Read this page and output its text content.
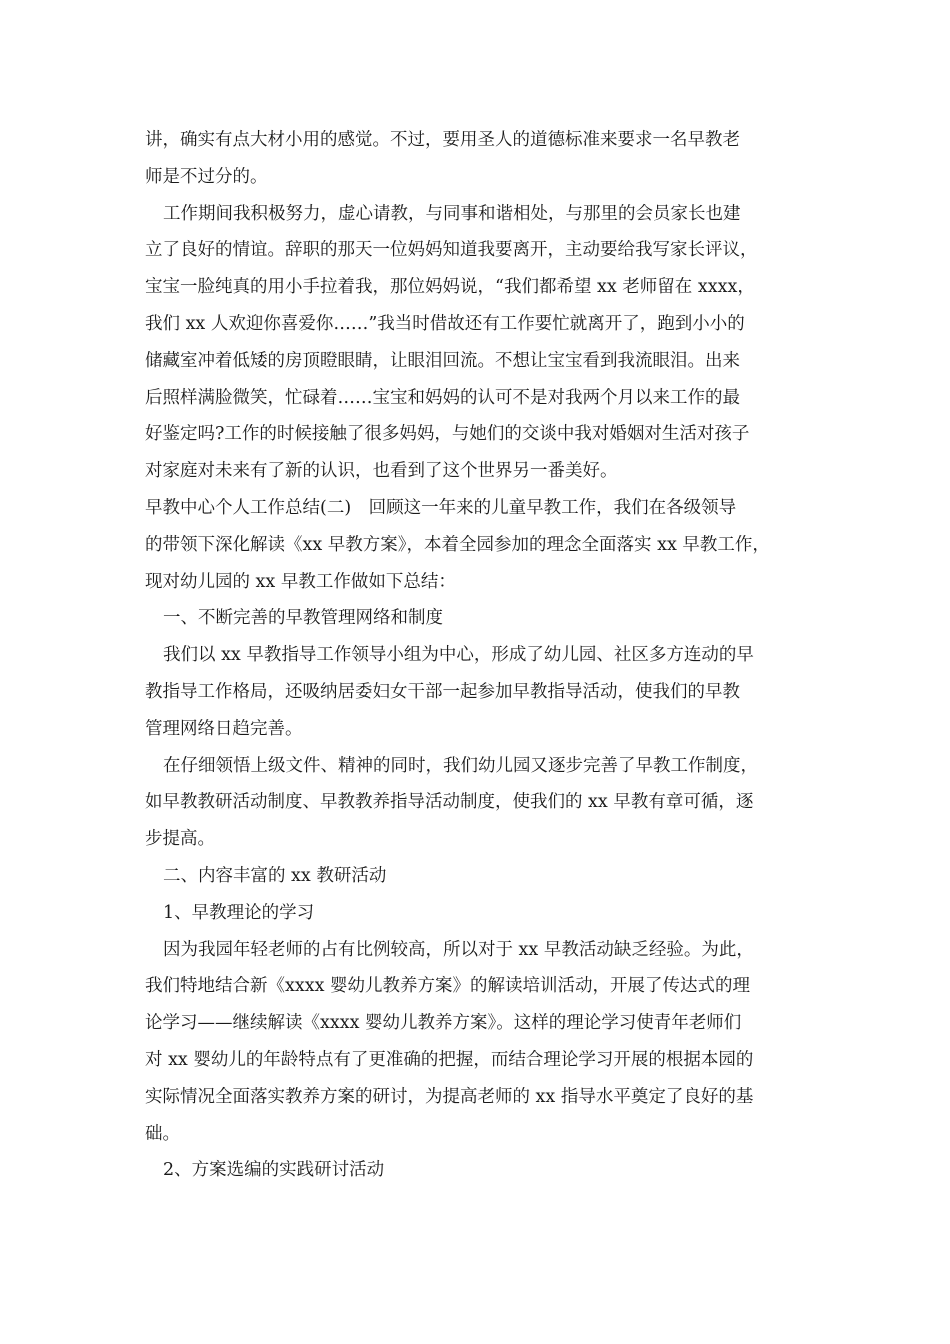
讲，确实有点大材小用的感觉。不过，要用圣人的道德标准来要求一名早教老
师是不过分的。
工作期间我积极努力，虚心请教，与同事和谐相处，与那里的会员家长也建
立了良好的情谊。辞职的那天一位妈妈知道我要离开，主动要给我写家长评议，
宝宝一脸纯真的用小手拉着我，那位妈妈说，“我们都希望 xx 老师留在 xxxx，
我们 xx 人欢迎你喜爱你……”我当时借故还有工作要忙就离开了，跑到小小的
储藏室冲着低矮的房顶瞪眼睛，让眼泪回流。不想让宝宝看到我流眼泪。出来
后照样满脸微笑，忙碌着……宝宝和妈妈的认可不是对我两个月以来工作的最
好鉴定吗?工作的时候接触了很多妈妈，与她们的交谈中我对婚姻对生活对孩子
对家庭对未来有了新的认识，也看到了这个世界另一番美好。
早教中心个人工作总结(二)　回顾这一年来的儿童早教工作，我们在各级领导
的带领下深化解读《xx 早教方案》，本着全园参加的理念全面落实 xx 早教工作，
现对幼儿园的 xx 早教工作做如下总结：
一、不断完善的早教管理网络和制度
我们以 xx 早教指导工作领导小组为中心，形成了幼儿园、社区多方连动的早
教指导工作格局，还吸纳居委妇女干部一起参加早教指导活动，使我们的早教
管理网络日趋完善。
在仔细领悟上级文件、精神的同时，我们幼儿园又逐步完善了早教工作制度，
如早教教研活动制度、早教教养指导活动制度，使我们的 xx 早教有章可循，逐
步提高。
二、内容丰富的 xx 教研活动
1、早教理论的学习
因为我园年轻老师的占有比例较高，所以对于 xx 早教活动缺乏经验。为此，
我们特地结合新《xxxx 婴幼儿教养方案》的解读培训活动，开展了传达式的理
论学习——继续解读《xxxx 婴幼儿教养方案》。这样的理论学习使青年老师们
对 xx 婴幼儿的年龄特点有了更准确的把握，而结合理论学习开展的根据本园的
实际情况全面落实教养方案的研讨，为提高老师的 xx 指导水平奠定了良好的基
础。
2、方案选编的实践研讨活动
